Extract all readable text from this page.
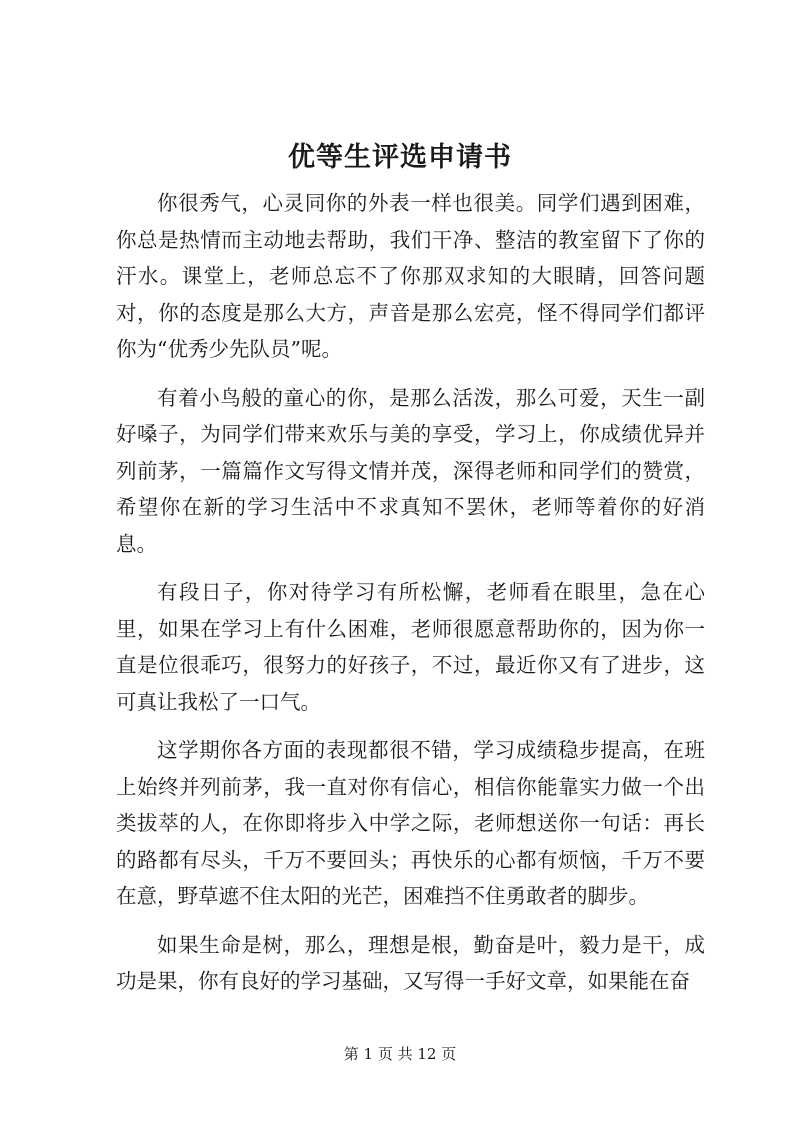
优等生评选申请书

你很秀气，心灵同你的外表一样也很美。同学们遇到困难，你总是热情而主动地去帮助，我们干净、整洁的教室留下了你的汗水。课堂上，老师总忘不了你那双求知的大眼睛，回答问题对，你的态度是那么大方，声音是那么宏亮，怪不得同学们都评你为“优秀少先队员”呢。

有着小鸟般的童心的你，是那么活泼，那么可爱，天生一副好嗓子，为同学们带来欢乐与美的享受，学习上，你成绩优异并列前茅，一篇篇作文写得文情并茂，深得老师和同学们的赞赏，希望你在新的学习生活中不求真知不罢休，老师等着你的好消息。

有段日子，你对待学习有所松懈，老师看在眼里，急在心里，如果在学习上有什么困难，老师很愿意帮助你的，因为你一直是位很乖巧，很努力的好孩子，不过，最近你又有了进步，这可真让我松了一口气。

这学期你各方面的表现都很不错，学习成绩稳步提高，在班上始终并列前茅，我一直对你有信心，相信你能靠实力做一个出类拔萃的人，在你即将步入中学之际，老师想送你一句话：再长的路都有尽头，千万不要回头；再快乐的心都有烦恼，千万不要在意，野草遮不住太阳的光芒，困难挡不住勇敢者的脚步。

如果生命是树，那么，理想是根，勤奋是叶，毅力是干，成功是果，你有良好的学习基础，又写得一手好文章，如果能在奋

第 1 页 共 12 页
